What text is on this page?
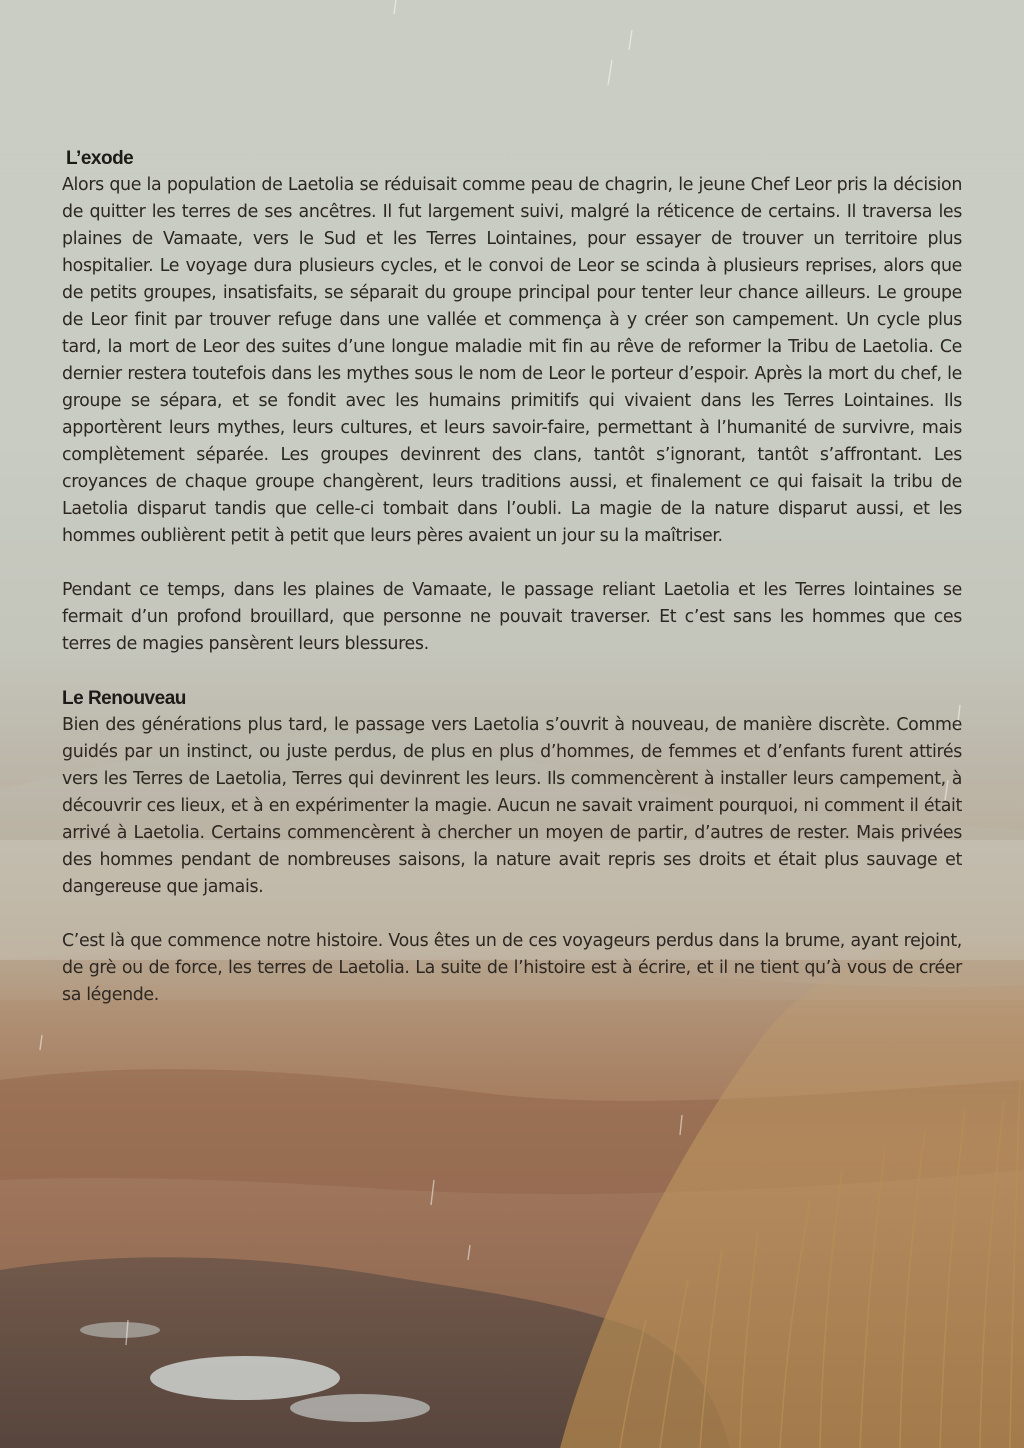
L’exode

Alors que la population de Laetolia se réduisait comme peau de chagrin, le jeune Chef Leor pris la décision de quitter les terres de ses ancêtres. Il fut largement suivi, malgré la réticence de certains. Il traversa les plaines de Vamaate, vers le Sud et les Terres Lointaines, pour essayer de trouver un territoire plus hospitalier. Le voyage dura plusieurs cycles, et le convoi de Leor se scinda à plusieurs reprises, alors que de petits groupes, insatisfaits, se séparait du groupe principal pour tenter leur chance ailleurs. Le groupe de Leor finit par trouver refuge dans une vallée et commença à y créer son campement. Un cycle plus tard, la mort de Leor des suites d’une longue maladie mit fin au rêve de reformer la Tribu de Laetolia. Ce dernier restera toutefois dans les mythes sous le nom de Leor le porteur d’espoir. Après la mort du chef, le groupe se sépara, et se fondit avec les humains primitifs qui vivaient dans les Terres Lointaines. Ils apportèrent leurs mythes, leurs cultures, et leurs savoir-faire, permettant à l’humanité de survivre, mais complètement séparée. Les groupes devinrent des clans, tantôt s’ignorant, tantôt s’affrontant. Les croyances de chaque groupe changèrent, leurs traditions aussi, et finalement ce qui faisait la tribu de Laetolia disparut tandis que celle-ci tombait dans l’oubli. La magie de la nature disparut aussi, et les hommes oublièrent petit à petit que leurs pères avaient un jour su la maîtriser.

Pendant ce temps, dans les plaines de Vamaate, le passage reliant Laetolia et les Terres lointaines se fermait d’un profond brouillard, que personne ne pouvait traverser. Et c’est sans les hommes que ces terres de magies pansèrent leurs blessures.

Le Renouveau

Bien des générations plus tard, le passage vers Laetolia s’ouvrit à nouveau, de manière discrète. Comme guidés par un instinct, ou juste perdus, de plus en plus d’hommes, de femmes et d’enfants furent attirés vers les Terres de Laetolia, Terres qui devinrent les leurs. Ils commencèrent à installer leurs campement, à découvrir ces lieux, et à en expérimenter la magie. Aucun ne savait vraiment pourquoi, ni comment il était arrivé à Laetolia. Certains commencèrent à chercher un moyen de partir, d’autres de rester. Mais privées des hommes pendant de nombreuses saisons, la nature avait repris ses droits et était plus sauvage et dangereuse que jamais.

C’est là que commence notre histoire. Vous êtes un de ces voyageurs perdus dans la brume, ayant rejoint, de grè ou de force, les terres de Laetolia. La suite de l’histoire est à écrire, et il ne tient qu’à vous de créer sa légende.
